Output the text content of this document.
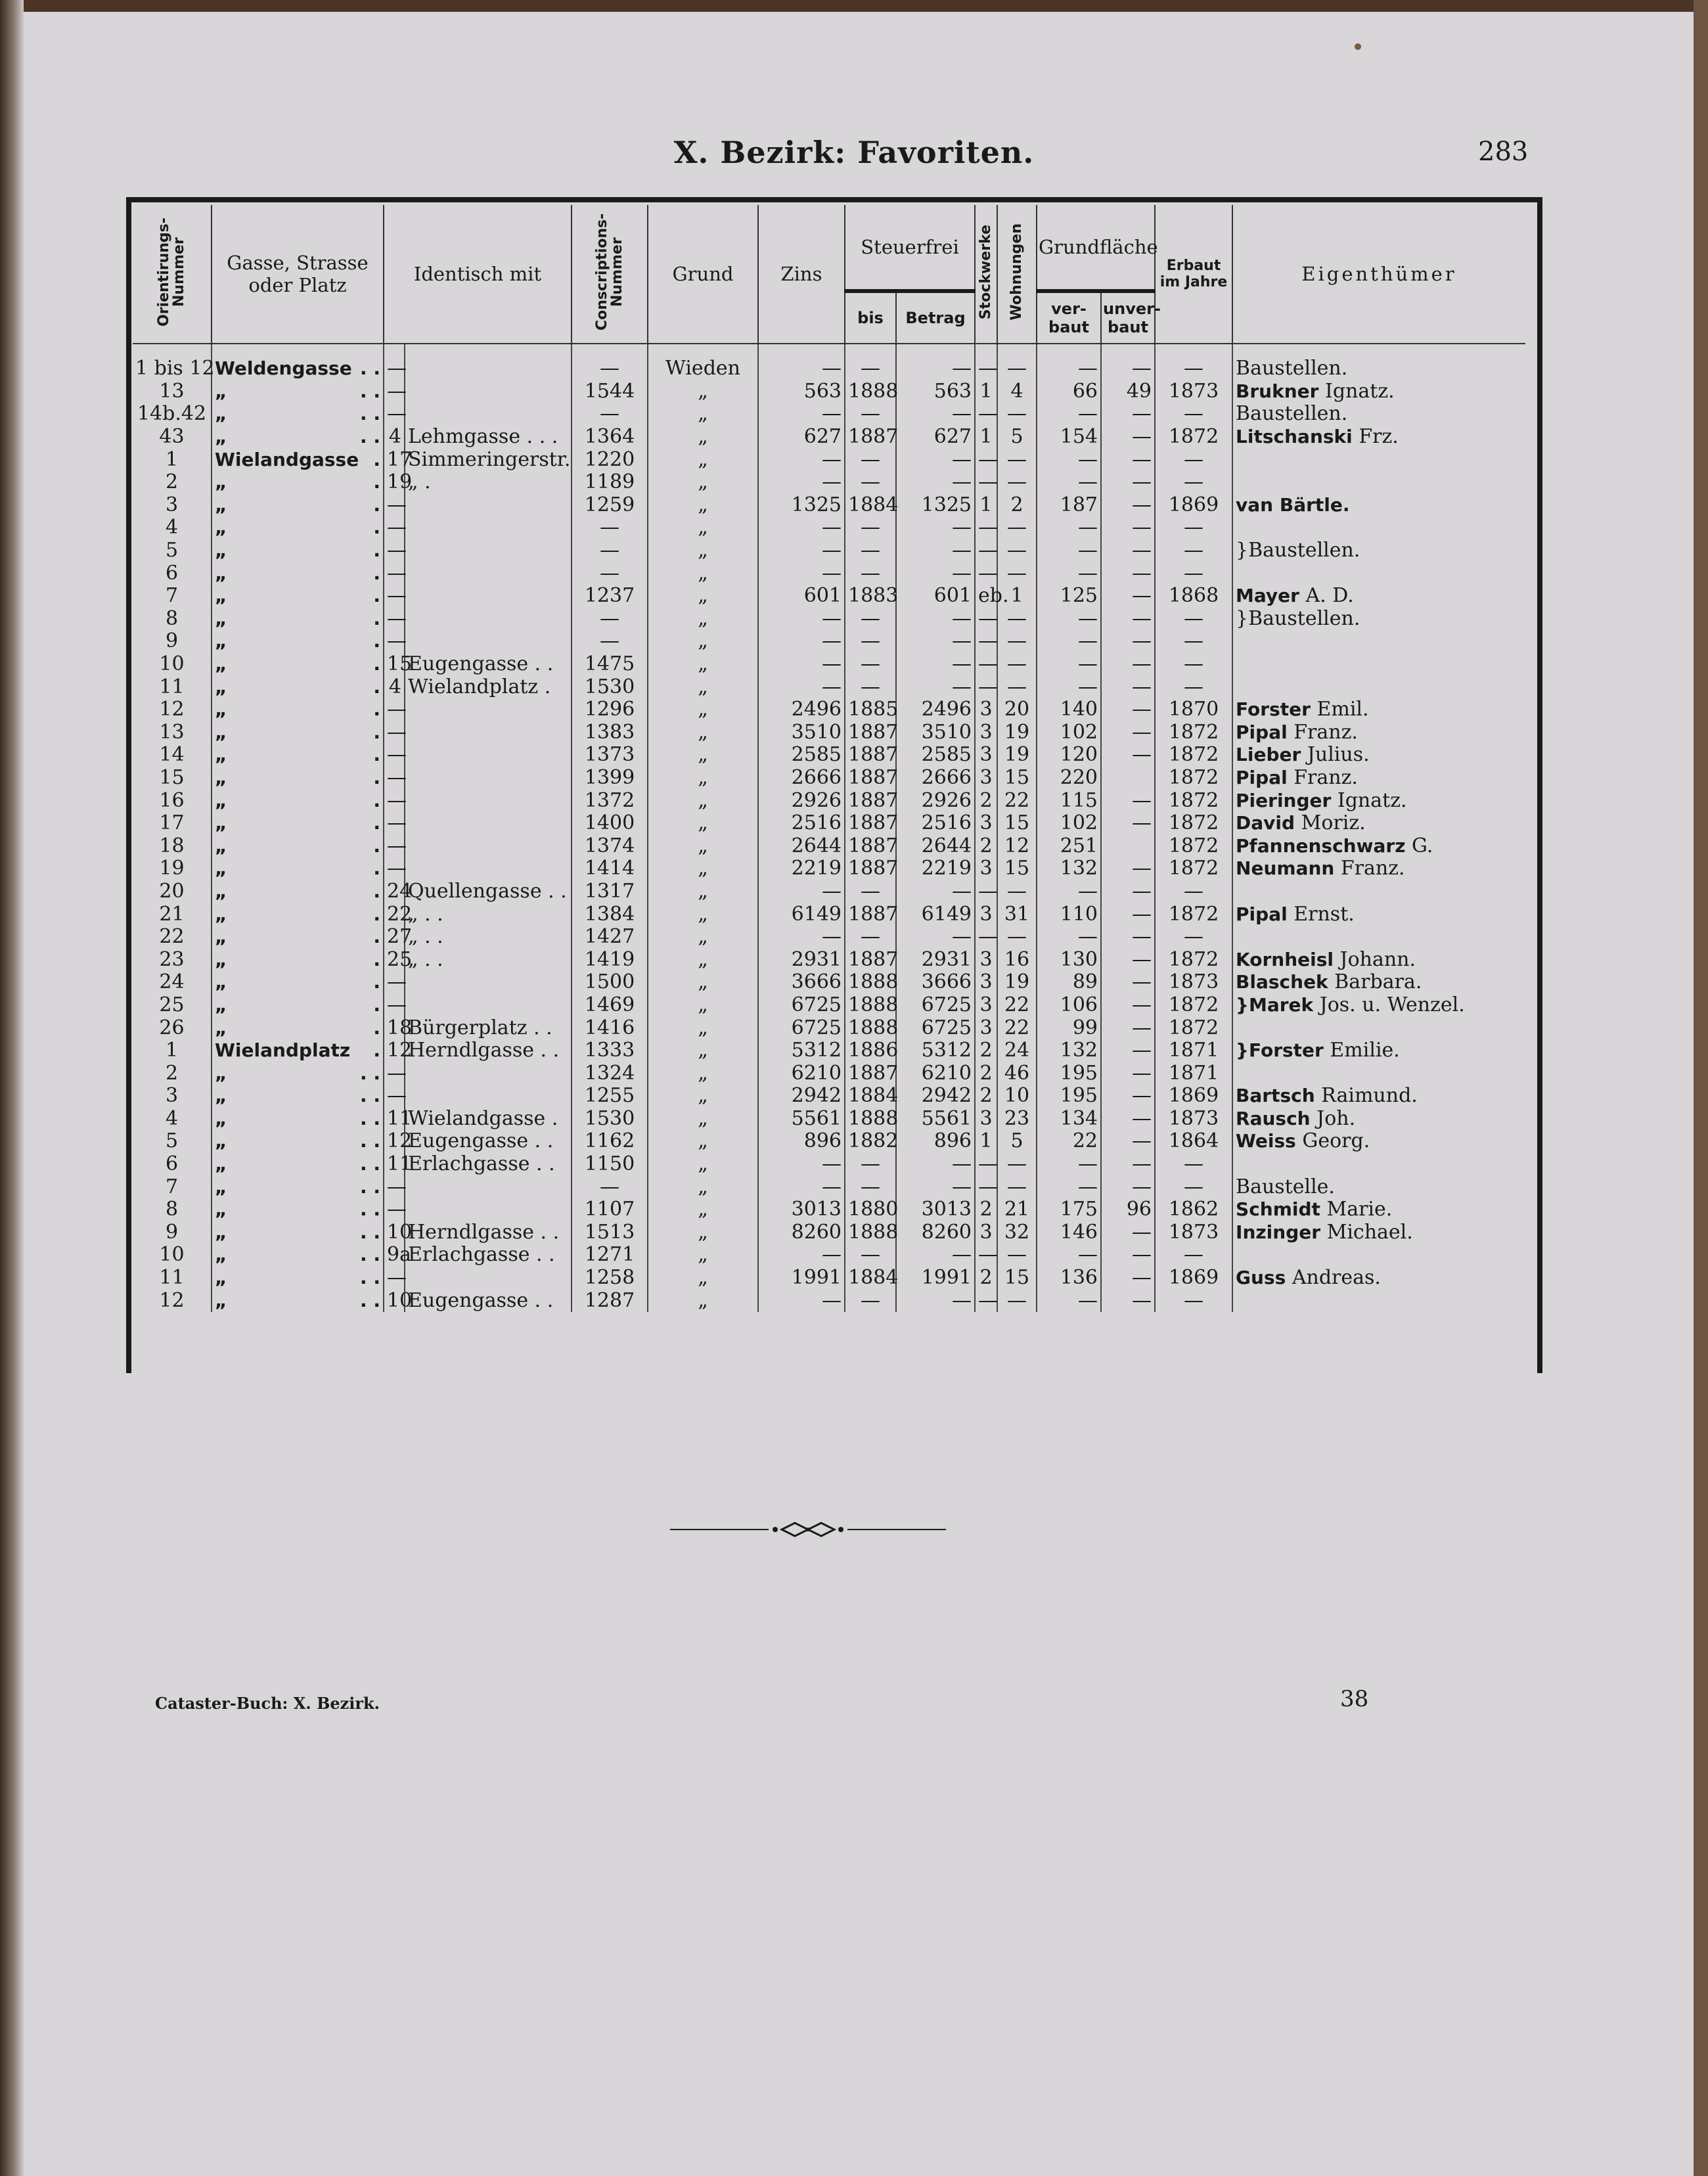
X. Bezirk: Favoriten.	283
Orientirungs-Nummer	Gasse, Strasse oder Platz	Identisch mit		Conscriptions-Nummer	Grund	Zins	Steuerfrei		Stockwerke	Wohnungen	Grundfläche		Erbaut im Jahre	Eigenthümer
							bis	Betrag			ver-baut	unver-baut		
1 bis 12	Weldengasse . .	—		—	Wieden	—	—	—	—	—	—	—	—	Baustellen.
13	„ . .	—		1544	„	563	1888	563	1	4	66	49	1873	Brukner Ignatz.
14b.42	„ . .	—		—	„	—	—	—	—	—	—	—	—	Baustellen.
43	„ . .	4	Lehmgasse . . .	1364	„	627	1887	627	1	5	154	—	1872	Litschanski Frz.
1	Wielandgasse .	17	Simmeringerstr.	1220	„	—	—	—	—	—	—	—	—	
2	„ .	19	„ .	1189	„	—	—	—	—	—	—	—	—	
3	„ .	—		1259	„	1325	1884	1325	1	2	187	—	1869	van Bärtle.
4	„ .	—		—	„	—	—	—	—	—	—	—	—	
5	„ .	—		—	„	—	—	—	—	—	—	—	—	}Baustellen.
6	„ .	—		—	„	—	—	—	—	—	—	—	—	
7	„ .	—		1237	„	601	1883	601	eb.	1	125	—	1868	Mayer A. D.
8	„ .	—		—	„	—	—	—	—	—	—	—	—	}Baustellen.
9	„ .	—		—	„	—	—	—	—	—	—	—	—	
10	„ .	15	Eugengasse . .	1475	„	—	—	—	—	—	—	—	—	
11	„ .	4	Wielandplatz .	1530	„	—	—	—	—	—	—	—	—	
12	„ .	—		1296	„	2496	1885	2496	3	20	140	—	1870	Forster Emil.
13	„ .	—		1383	„	3510	1887	3510	3	19	102	—	1872	Pipal Franz.
14	„ .	—		1373	„	2585	1887	2585	3	19	120	—	1872	Lieber Julius.
15	„ .	—		1399	„	2666	1887	2666	3	15	220		1872	Pipal Franz.
16	„ .	—		1372	„	2926	1887	2926	2	22	115	—	1872	Pieringer Ignatz.
17	„ .	—		1400	„	2516	1887	2516	3	15	102	—	1872	David Moriz.
18	„ .	—		1374	„	2644	1887	2644	2	12	251		1872	Pfannenschwarz G.
19	„ .	—		1414	„	2219	1887	2219	3	15	132	—	1872	Neumann Franz.
20	„ .	24	Quellengasse . .	1317	„	—	—	—	—	—	—	—	—	
21	„ .	22	„ . .	1384	„	6149	1887	6149	3	31	110	—	1872	Pipal Ernst.
22	„ .	27	„ . .	1427	„	—	—	—	—	—	—	—	—	
23	„ .	25	„ . .	1419	„	2931	1887	2931	3	16	130	—	1872	Kornheisl Johann.
24	„ .	—		1500	„	3666	1888	3666	3	19	89	—	1873	Blaschek Barbara.
25	„ .	—		1469	„	6725	1888	6725	3	22	106	—	1872	}Marek Jos. u. Wenzel.
26	„ .	18	Bürgerplatz . .	1416	„	6725	1888	6725	3	22	99	—	1872	
1	Wielandplatz .	12	Herndlgasse . .	1333	„	5312	1886	5312	2	24	132	—	1871	}Forster Emilie.
2	„ . .	—		1324	„	6210	1887	6210	2	46	195	—	1871	
3	„ . .	—		1255	„	2942	1884	2942	2	10	195	—	1869	Bartsch Raimund.
4	„ . .	11	Wielandgasse .	1530	„	5561	1888	5561	3	23	134	—	1873	Rausch Joh.
5	„ . .	12	Eugengasse . .	1162	„	896	1882	896	1	5	22	—	1864	Weiss Georg.
6	„ . .	11	Erlachgasse . .	1150	„	—	—	—	—	—	—	—	—	
7	„ . .	—		—	„	—	—	—	—	—	—	—	—	Baustelle.
8	„ . .	—		1107	„	3013	1880	3013	2	21	175	96	1862	Schmidt Marie.
9	„ . .	10	Herndlgasse . .	1513	„	8260	1888	8260	3	32	146	—	1873	Inzinger Michael.
10	„ . .	9a	Erlachgasse . .	1271	„	—	—	—	—	—	—	—	—	
11	„ . .	—		1258	„	1991	1884	1991	2	15	136	—	1869	Guss Andreas.
12	„ . .	10	Eugengasse . .	1287	„	—	—	—	—	—	—	—	—	
Cataster-Buch: X. Bezirk.	38
